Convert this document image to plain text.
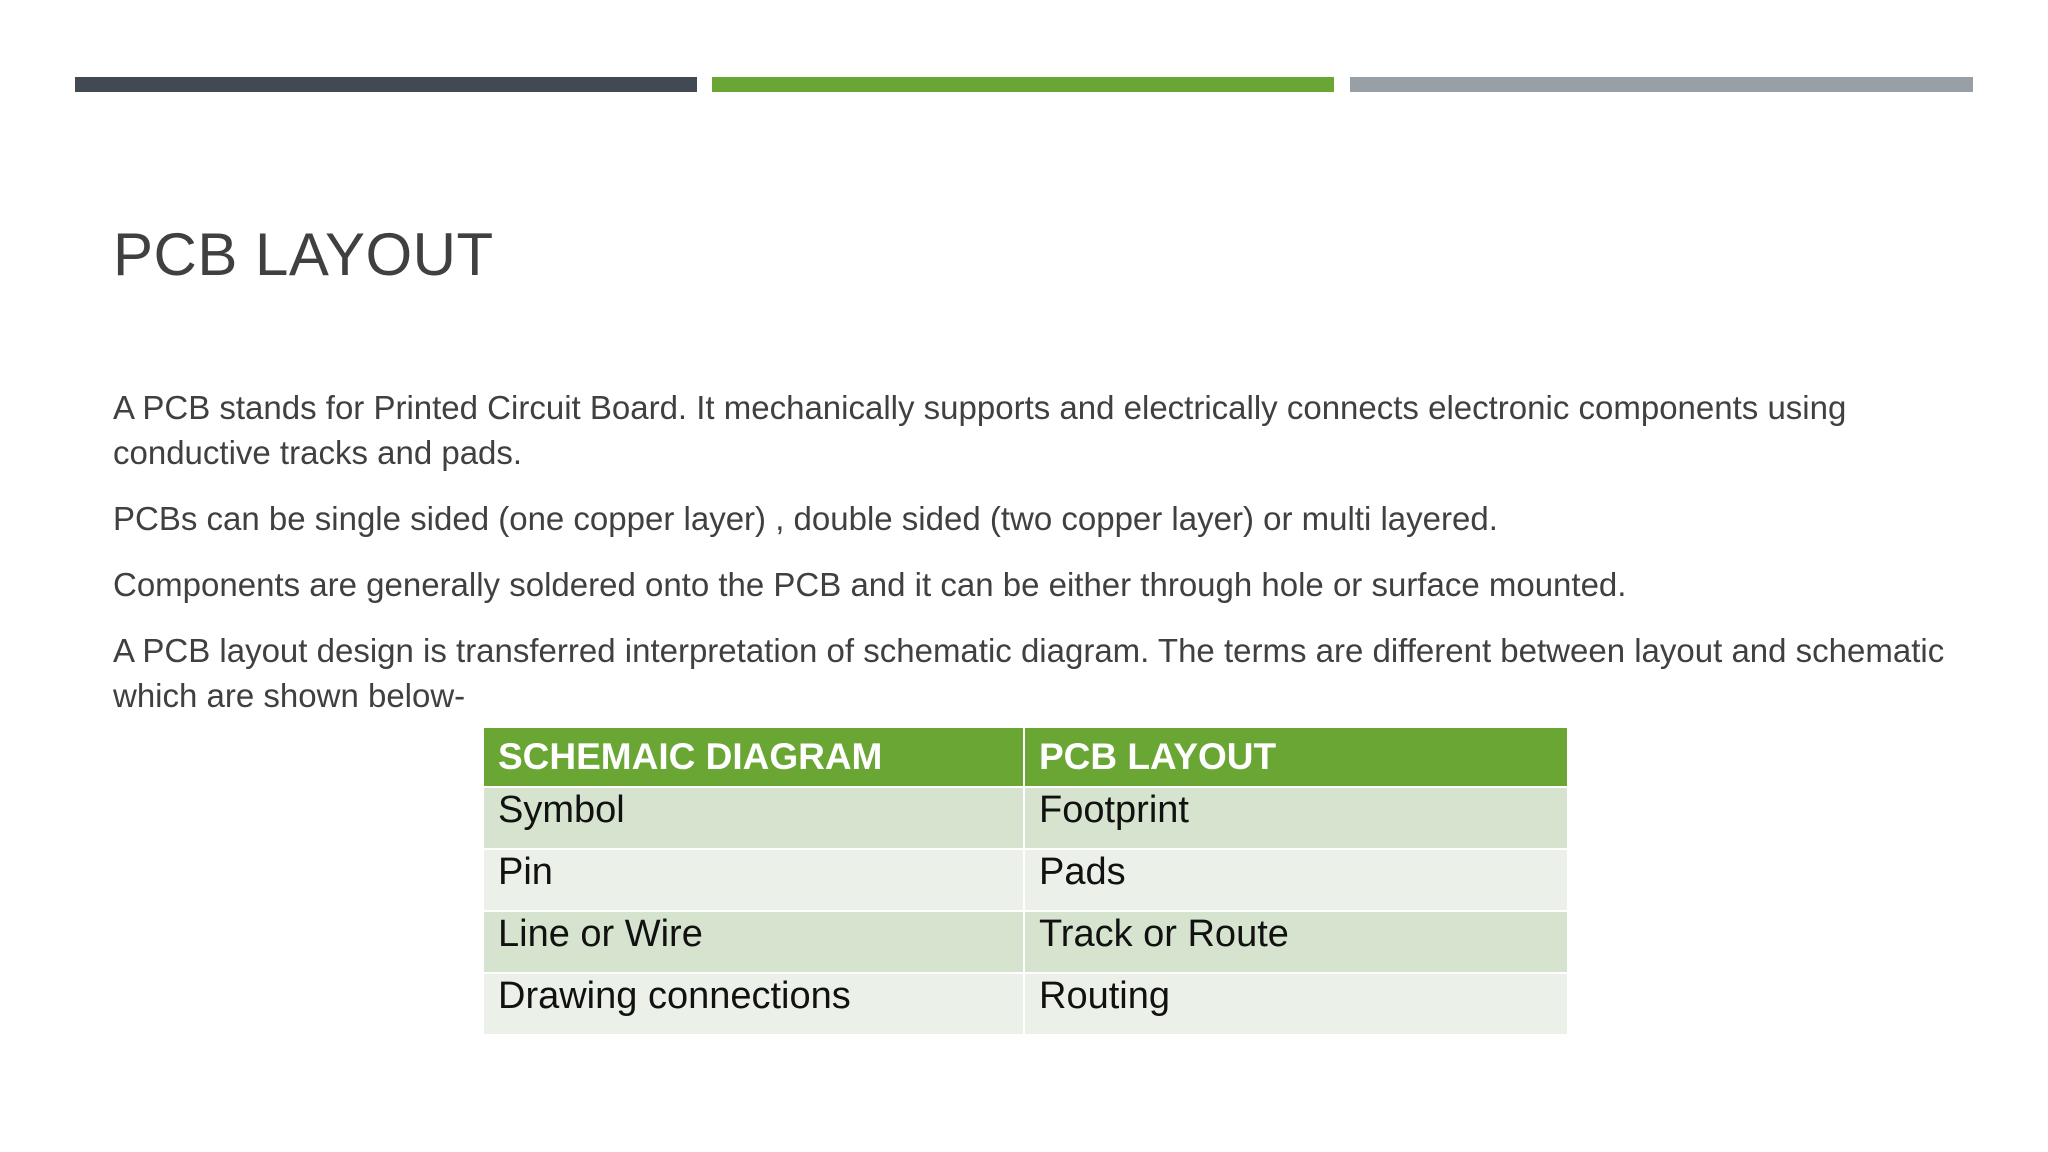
PCB LAYOUT

A PCB stands for Printed Circuit Board. It mechanically supports and electrically connects electronic components using conductive tracks and pads.

PCBs can be single sided (one copper layer) , double sided (two copper layer) or multi layered.

Components are generally soldered onto the PCB and it can be either through hole or surface mounted.

A PCB layout design is transferred interpretation of schematic diagram. The terms are different between layout and schematic which are shown below-

SCHEMAIC DIAGRAM	PCB LAYOUT
Symbol	Footprint
Pin	Pads
Line or Wire	Track or Route
Drawing connections	Routing
